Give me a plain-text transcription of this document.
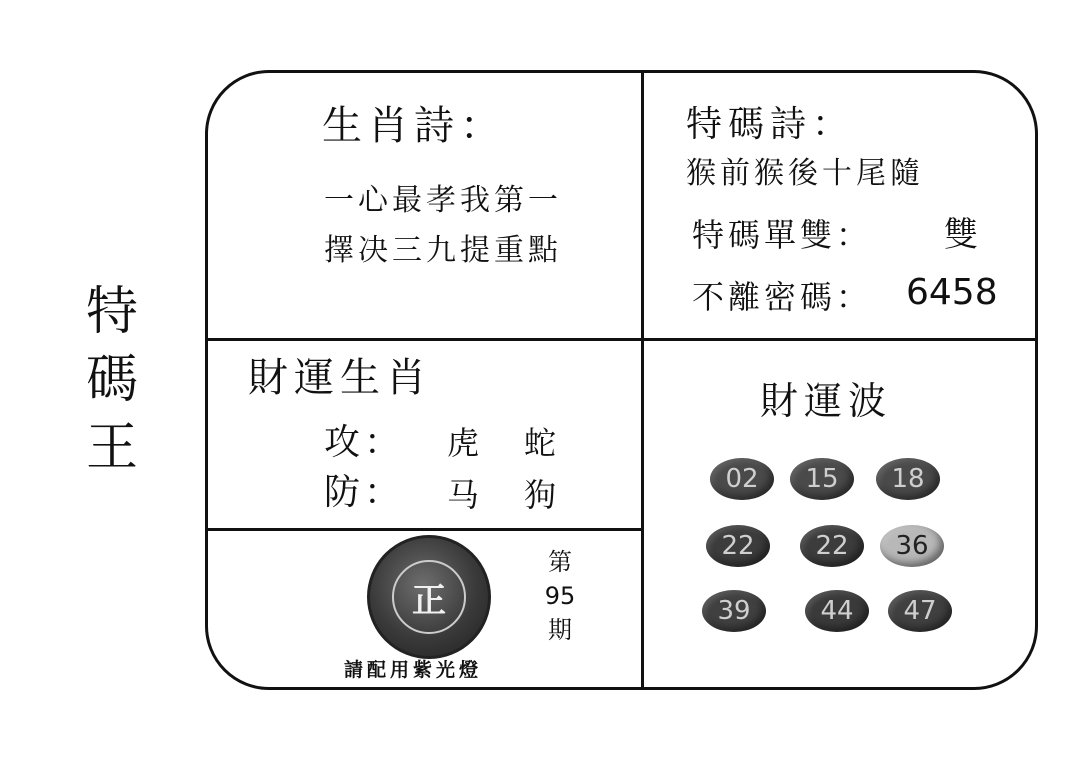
特
碼
王
生肖詩：
一心最孝我第一
擇决三九提重點
特碼詩：
猴前猴後十尾隨
特碼單雙： 雙
不離密碼： 6458
財運生肖
攻： 虎 蛇
防： 马 狗
財運波
02 15 18
22 22 36
39	44 47
正
第
95
期
請配用紫光燈
